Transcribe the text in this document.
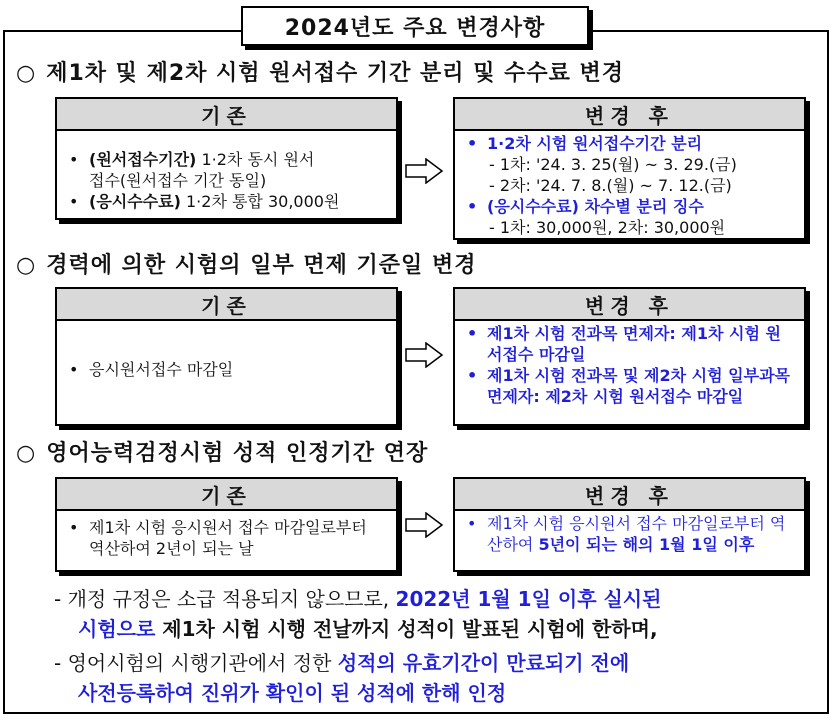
2024년도 주요 변경사항
○ 제1차 및 제2차 시험 원서접수 기간 분리 및 수수료 변경
기존
• (원서접수기간) 1·2차 동시 원서
접수(원서접수 기간 동일)
• (응시수수료) 1·2차 통합 30,000원
변경 후
• 1·2차 시험 원서접수기간 분리
- 1차: '24. 3. 25(월) ~ 3. 29.(금)
- 2차: '24. 7. 8.(월) ~ 7. 12.(금)
• (응시수수료) 차수별 분리 징수
- 1차: 30,000원, 2차: 30,000원
○ 경력에 의한 시험의 일부 면제 기준일 변경
기존
• 응시원서접수 마감일
변경 후
• 제1차 시험 전과목 면제자: 제1차 시험 원서접수 마감일
• 제1차 시험 전과목 및 제2차 시험 일부과목 면제자: 제2차 시험 원서접수 마감일
○ 영어능력검정시험 성적 인정기간 연장
기존
• 제1차 시험 응시원서 접수 마감일로부터 역산하여 2년이 되는 날
변경 후
• 제1차 시험 응시원서 접수 마감일로부터 역산하여 5년이 되는 해의 1월 1일 이후
- 개정 규정은 소급 적용되지 않으므로, 2022년 1월 1일 이후 실시된
시험으로 제1차 시험 시행 전날까지 성적이 발표된 시험에 한하며,
- 영어시험의 시행기관에서 정한 성적의 유효기간이 만료되기 전에
사전등록하여 진위가 확인이 된 성적에 한해 인정
